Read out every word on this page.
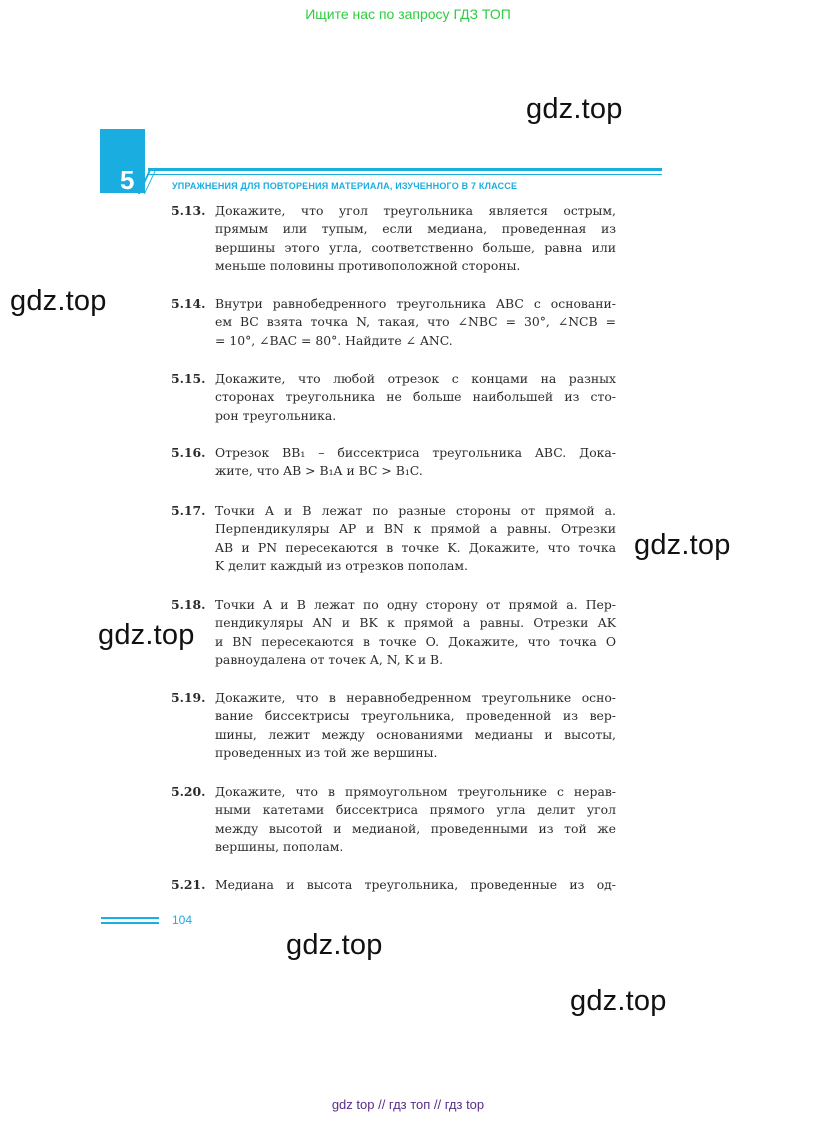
Ищите нас по запросу ГДЗ ТОП
gdz.top
gdz.top
gdz.top
gdz.top
gdz.top
gdz.top
5	УПРАЖНЕНИЯ ДЛЯ ПОВТОРЕНИЯ МАТЕРИАЛА, ИЗУЧЕННОГО В 7 КЛАССЕ
5.13. Докажите, что угол треугольника является острым,
прямым или тупым, если медиана, проведенная из
вершины этого угла, соответственно больше, равна или
меньше половины противоположной стороны.
5.14. Внутри равнобедренного треугольника ABC с основани-
ем BC взята точка N, такая, что ∠NBC = 30°, ∠NCB =
= 10°, ∠BAC = 80°. Найдите ∠ ANC.
5.15. Докажите, что любой отрезок с концами на разных
сторонах треугольника не больше наибольшей из сто-
рон треугольника.
5.16. Отрезок BB₁ – биссектриса треугольника ABC. Дока-
жите, что AB > B₁A и BC > B₁C.
5.17. Точки A и B лежат по разные стороны от прямой a.
Перпендикуляры AP и BN к прямой a равны. Отрезки
AB и PN пересекаются в точке K. Докажите, что точка
K делит каждый из отрезков пополам.
5.18. Точки A и B лежат по одну сторону от прямой a. Пер-
пендикуляры AN и BK к прямой a равны. Отрезки AK
и BN пересекаются в точке O. Докажите, что точка O
равноудалена от точек A, N, K и B.
5.19. Докажите, что в неравнобедренном треугольнике осно-
вание биссектрисы треугольника, проведенной из вер-
шины, лежит между основаниями медианы и высоты,
проведенных из той же вершины.
5.20. Докажите, что в прямоугольном треугольнике с нерав-
ными катетами биссектриса прямого угла делит угол
между высотой и медианой, проведенными из той же
вершины, пополам.
5.21. Медиана и высота треугольника, проведенные из од-
104
gdz top // гдз топ // гдз top
